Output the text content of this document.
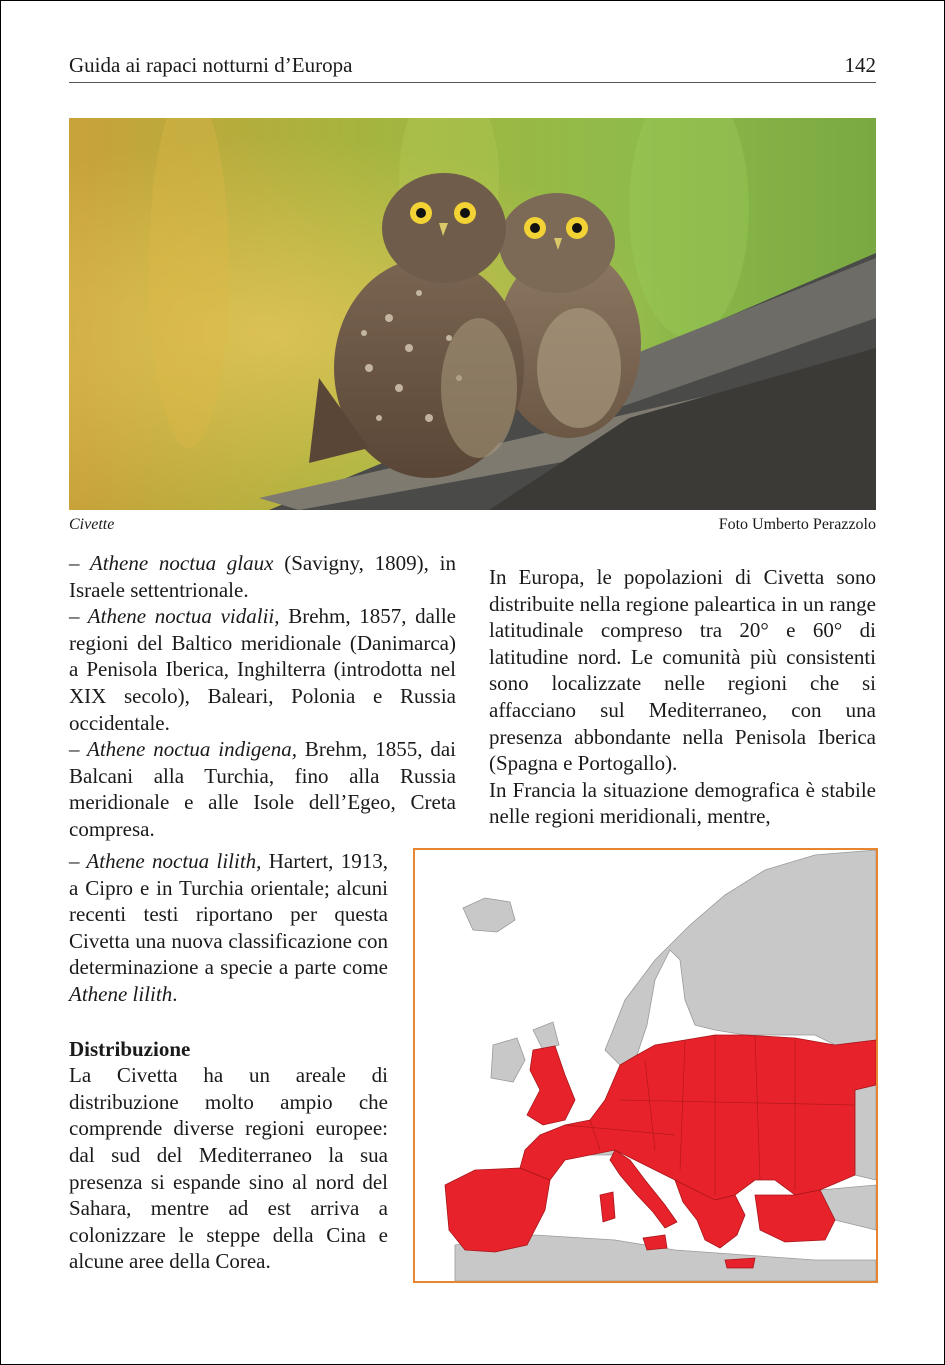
Guida ai rapaci notturni d’Europa	142
Civette	Foto Umberto Perazzolo

– Athene noctua glaux (Savigny, 1809), in Israele settentrionale.

– Athene noctua vidalii, Brehm, 1857, dalle regioni del Baltico meridionale (Danimarca) a Penisola Iberica, Inghilterra (introdotta nel XIX secolo), Baleari, Polonia e Russia occidentale.

– Athene noctua indigena, Brehm, 1855, dai Balcani alla Turchia, fino alla Russia meridionale e alle Isole dell’Egeo, Creta compresa.

In Europa, le popolazioni di Civetta sono distribuite nella regione paleartica in un range latitudinale compreso tra 20° e 60° di latitudine nord. Le comunità più consistenti sono localizzate nelle regioni che si affacciano sul Mediterraneo, con una presenza abbondante nella Penisola Iberica (Spagna e Portogallo).

In Francia la situazione demografica è stabile nelle regioni meridionali, mentre,

– Athene noctua lilith, Hartert, 1913, a Cipro e in Turchia orientale; alcuni recenti testi riportano per questa Civetta una nuova classificazione con determinazione a specie a parte come Athene lilith.

Distribuzione

La Civetta ha un areale di distribuzione molto ampio che comprende diverse regioni europee: dal sud del Mediterraneo la sua presenza si espande sino al nord del Sahara, mentre ad est arriva a colonizzare le steppe della Cina e alcune aree della Corea.
